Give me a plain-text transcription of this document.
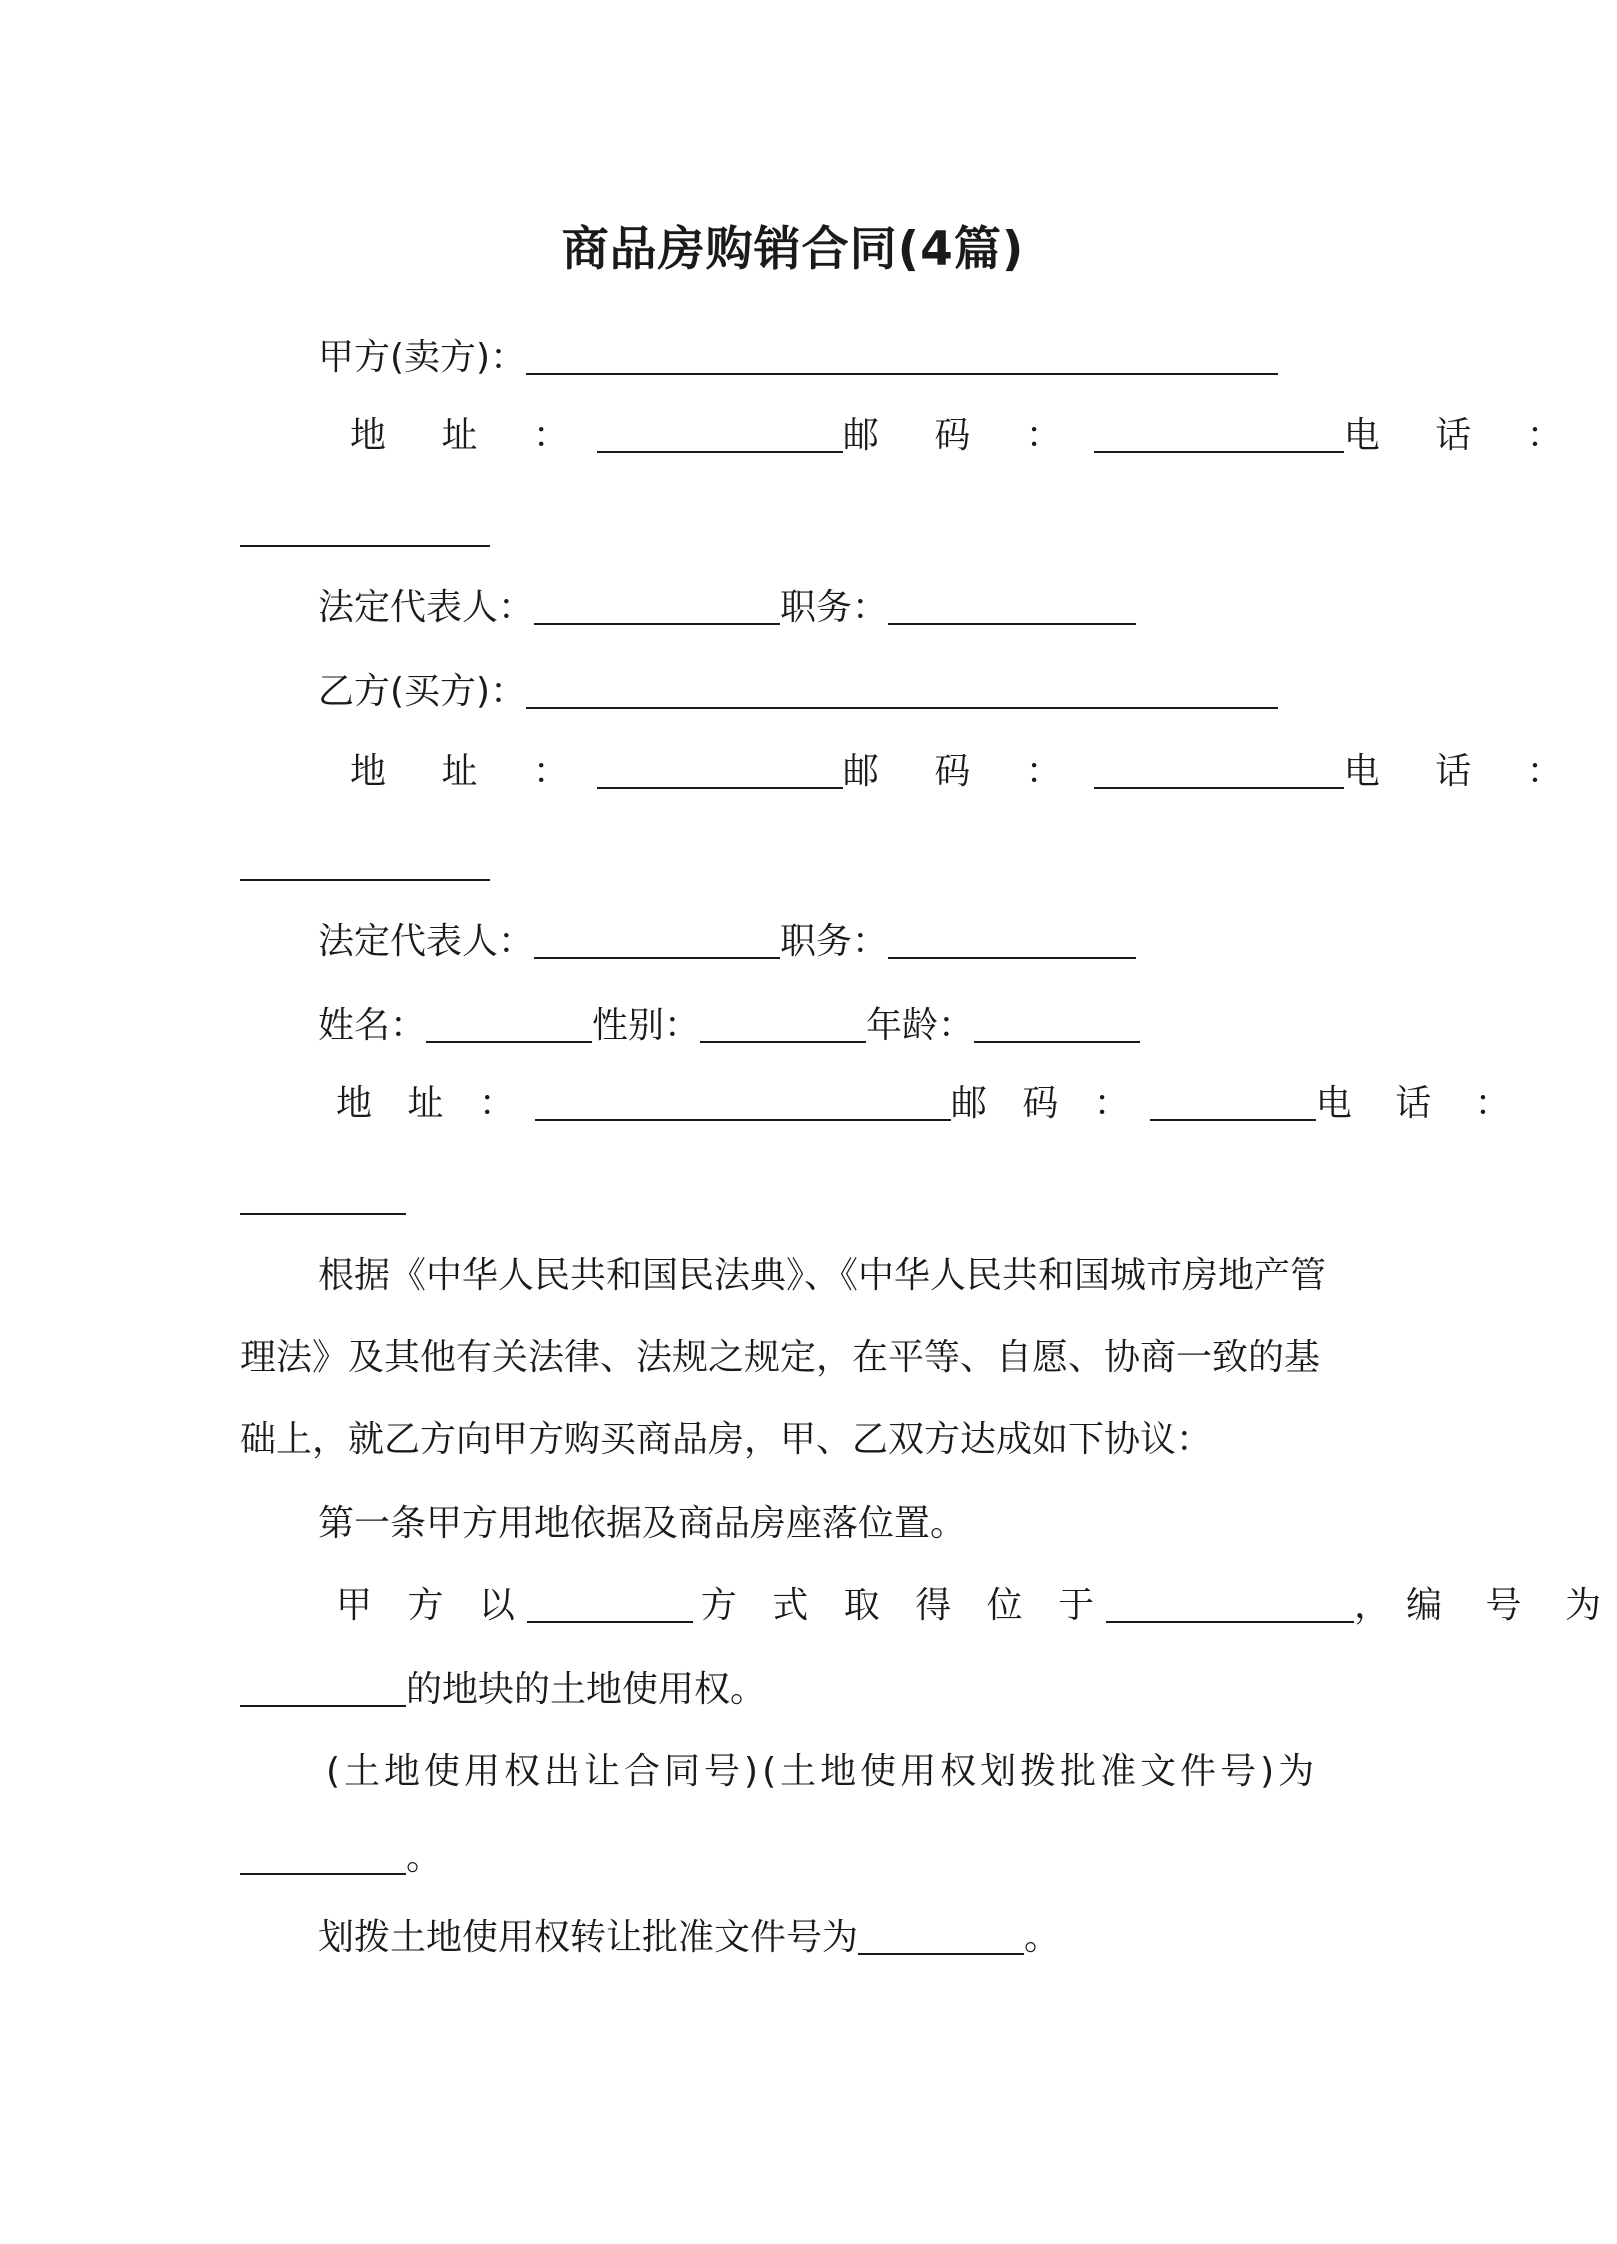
商品房购销合同(4篇)
甲方(卖方)：
地 址 ：	邮 码 ：	电 话 ：
法定代表人：	职务：
乙方(买方)：
地 址 ：	邮 码 ：	电 话 ：
法定代表人：	职务：
姓名：	性别：	年龄：
地 址 ：	邮 码 ：	电 话 ：
根据《中华人民共和国民法典》、《中华人民共和国城市房地产管
理法》及其他有关法律、法规之规定，在平等、自愿、协商一致的基
础上，就乙方向甲方购买商品房，甲、乙双方达成如下协议：
第一条甲方用地依据及商品房座落位置。
甲 方 以	方 式 取 得 位 于	，编 号 为
的地块的土地使用权。
(土地使用权出让合同号)(土地使用权划拨批准文件号)为
。
划拨土地使用权转让批准文件号为	。
